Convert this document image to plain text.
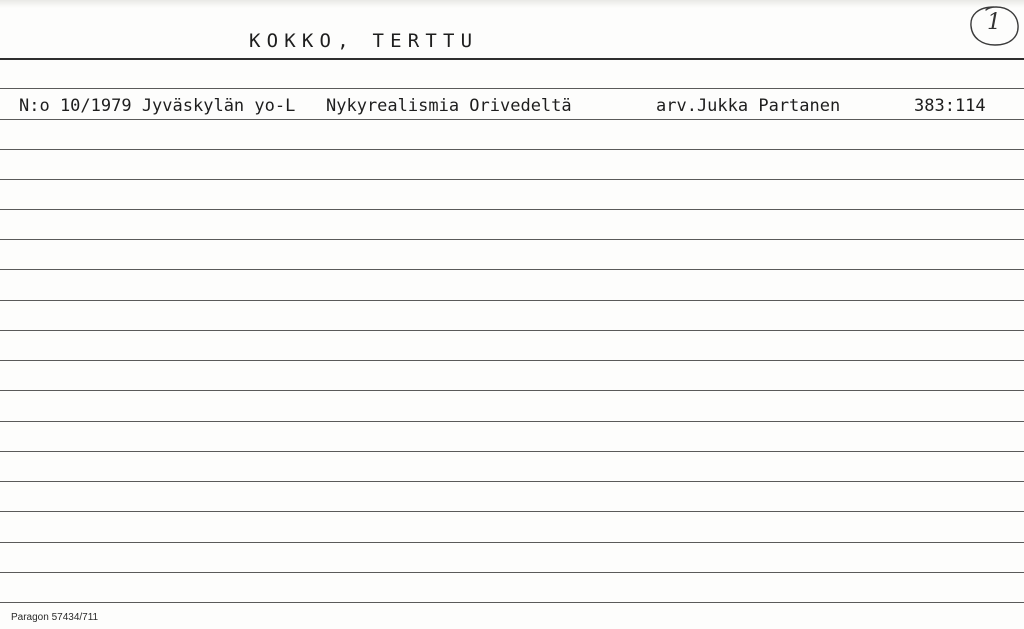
KOKKO, TERTTU
1
N:o 10/1979 Jyväskylän yo-L Nykyrealismia Orivedeltä	arv.Jukka Partanen	383:114
Paragon 57434/711
